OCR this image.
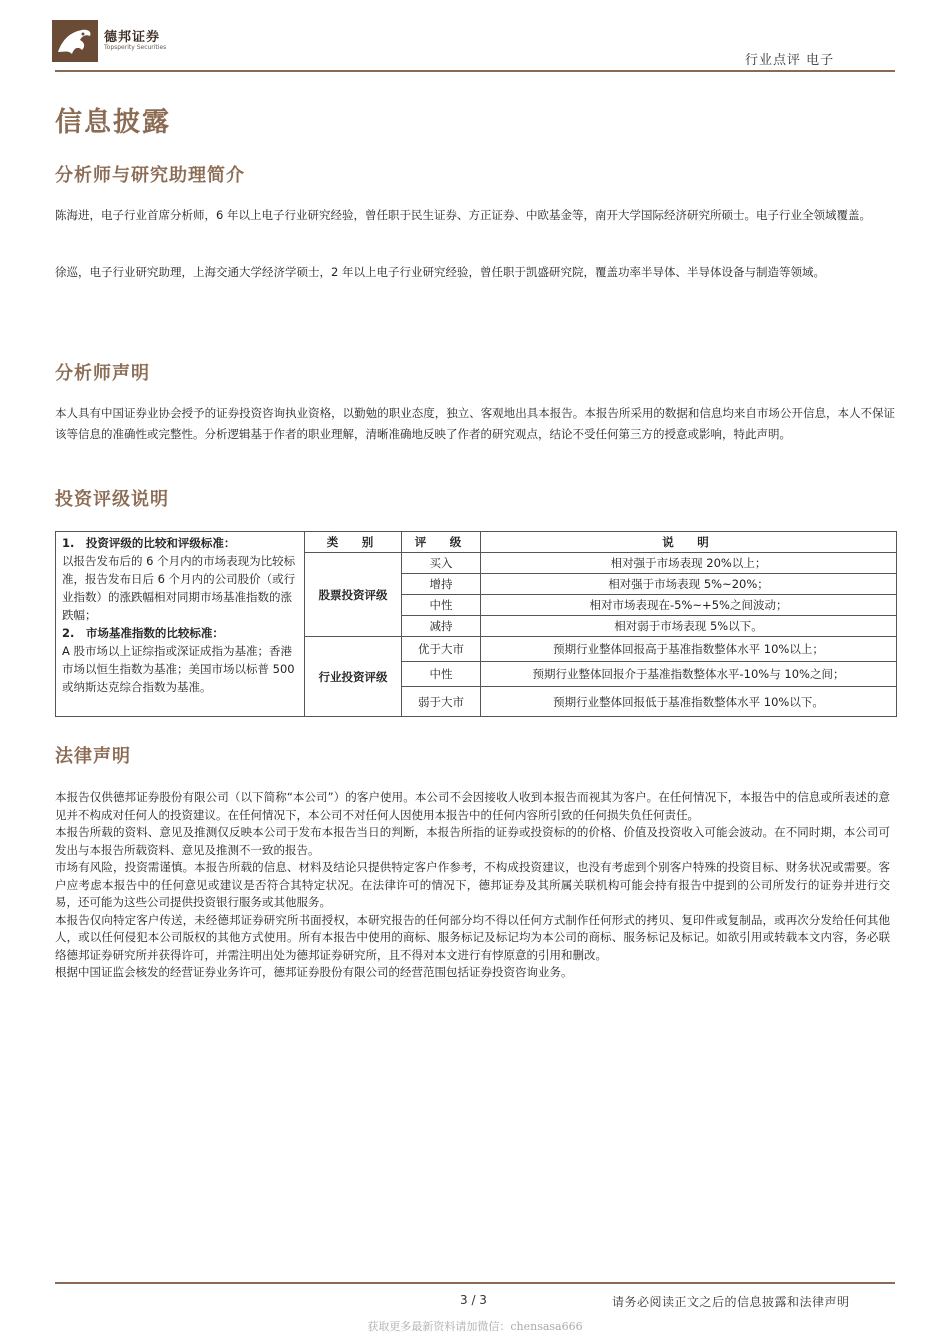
德邦证券
Topsperity Securities
行业点评 电子
信息披露
分析师与研究助理简介
陈海进，电子行业首席分析师，6 年以上电子行业研究经验，曾任职于民生证券、方正证券、中欧基金等，南开大学国际经济研究所硕士。电子行业全领域覆盖。
徐巡，电子行业研究助理，上海交通大学经济学硕士，2 年以上电子行业研究经验，曾任职于凯盛研究院，覆盖功率半导体、半导体设备与制造等领域。
分析师声明
本人具有中国证券业协会授予的证券投资咨询执业资格，以勤勉的职业态度，独立、客观地出具本报告。本报告所采用的数据和信息均来自市场公开信息，本人不保证该等信息的准确性或完整性。分析逻辑基于作者的职业理解，清晰准确地反映了作者的研究观点，结论不受任何第三方的授意或影响，特此声明。
投资评级说明
1.　投资评级的比较和评级标准：
以报告发布后的 6 个月内的市场表现为比较标准，报告发布日后 6 个月内的公司股价（或行业指数）的涨跌幅相对同期市场基准指数的涨跌幅；
2.　市场基准指数的比较标准：
A 股市场以上证综指或深证成指为基准；香港市场以恒生指数为基准；美国市场以标普 500 或纳斯达克综合指数为基准。	类　别	评　级	说　明
	股票投资评级	买入	相对强于市场表现 20%以上；
		增持	相对强于市场表现 5%~20%；
		中性	相对市场表现在-5%~+5%之间波动；
		减持	相对弱于市场表现 5%以下。
	行业投资评级	优于大市	预期行业整体回报高于基准指数整体水平 10%以上；
		中性	预期行业整体回报介于基准指数整体水平-10%与 10%之间；
		弱于大市	预期行业整体回报低于基准指数整体水平 10%以下。
法律声明
本报告仅供德邦证券股份有限公司（以下简称“本公司”）的客户使用。本公司不会因接收人收到本报告而视其为客户。在任何情况下，本报告中的信息或所表述的意见并不构成对任何人的投资建议。在任何情况下，本公司不对任何人因使用本报告中的任何内容所引致的任何损失负任何责任。
本报告所载的资料、意见及推测仅反映本公司于发布本报告当日的判断，本报告所指的证券或投资标的的价格、价值及投资收入可能会波动。在不同时期，本公司可发出与本报告所载资料、意见及推测不一致的报告。
市场有风险，投资需谨慎。本报告所载的信息、材料及结论只提供特定客户作参考，不构成投资建议，也没有考虑到个别客户特殊的投资目标、财务状况或需要。客户应考虑本报告中的任何意见或建议是否符合其特定状况。在法律许可的情况下，德邦证券及其所属关联机构可能会持有报告中提到的公司所发行的证券并进行交易，还可能为这些公司提供投资银行服务或其他服务。
本报告仅向特定客户传送，未经德邦证券研究所书面授权，本研究报告的任何部分均不得以任何方式制作任何形式的拷贝、复印件或复制品，或再次分发给任何其他人，或以任何侵犯本公司版权的其他方式使用。所有本报告中使用的商标、服务标记及标记均为本公司的商标、服务标记及标记。如欲引用或转载本文内容，务必联络德邦证券研究所并获得许可，并需注明出处为德邦证券研究所，且不得对本文进行有悖原意的引用和删改。
根据中国证监会核发的经营证券业务许可，德邦证券股份有限公司的经营范围包括证券投资咨询业务。
3 / 3	请务必阅读正文之后的信息披露和法律声明
获取更多最新资料请加微信：chensasa666
